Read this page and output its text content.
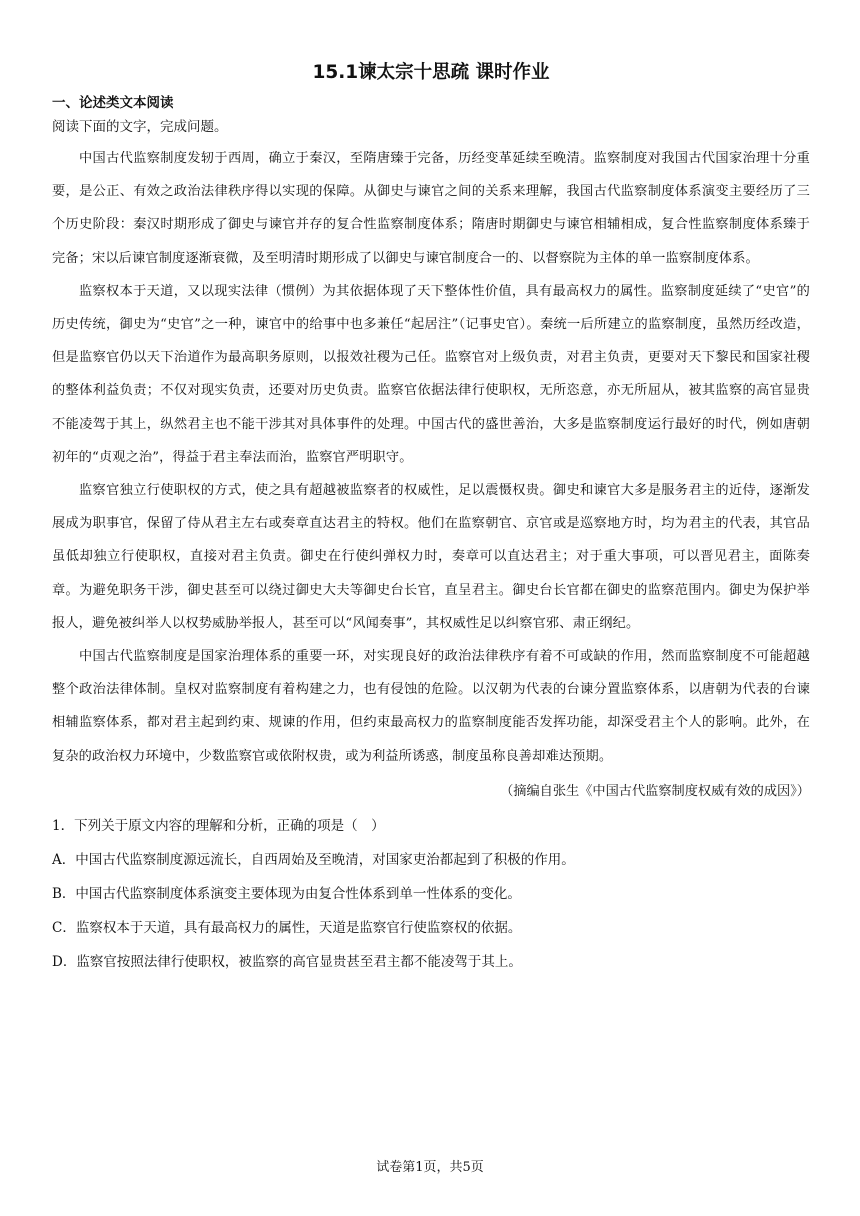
15.1谏太宗十思疏 课时作业

一、论述类文本阅读

阅读下面的文字，完成问题。

中国古代监察制度发轫于西周，确立于秦汉，至隋唐臻于完备，历经变革延续至晚清。监察制度对我国古代国家治理十分重要，是公正、有效之政治法律秩序得以实现的保障。从御史与谏官之间的关系来理解，我国古代监察制度体系演变主要经历了三个历史阶段：秦汉时期形成了御史与谏官并存的复合性监察制度体系；隋唐时期御史与谏官相辅相成，复合性监察制度体系臻于完备；宋以后谏官制度逐渐衰微，及至明清时期形成了以御史与谏官制度合一的、以督察院为主体的单一监察制度体系。

监察权本于天道，又以现实法律（惯例）为其依据体现了天下整体性价值，具有最高权力的属性。监察制度延续了“史官”的历史传统，御史为“史官”之一种，谏官中的给事中也多兼任“起居注”（记事史官）。秦统一后所建立的监察制度，虽然历经改造，但是监察官仍以天下治道作为最高职务原则，以报效社稷为己任。监察官对上级负责，对君主负责，更要对天下黎民和国家社稷的整体利益负责；不仅对现实负责，还要对历史负责。监察官依据法律行使职权，无所恣意，亦无所屈从，被其监察的高官显贵不能凌驾于其上，纵然君主也不能干涉其对具体事件的处理。中国古代的盛世善治，大多是监察制度运行最好的时代，例如唐朝初年的“贞观之治”，得益于君主奉法而治，监察官严明职守。

监察官独立行使职权的方式，使之具有超越被监察者的权威性，足以震慑权贵。御史和谏官大多是服务君主的近侍，逐渐发展成为职事官，保留了侍从君主左右或奏章直达君主的特权。他们在监察朝官、京官或是巡察地方时，均为君主的代表，其官品虽低却独立行使职权，直接对君主负责。御史在行使纠弹权力时，奏章可以直达君主；对于重大事项，可以晋见君主，面陈奏章。为避免职务干涉，御史甚至可以绕过御史大夫等御史台长官，直呈君主。御史台长官都在御史的监察范围内。御史为保护举报人，避免被纠举人以权势威胁举报人，甚至可以“风闻奏事”，其权威性足以纠察官邪、肃正纲纪。

中国古代监察制度是国家治理体系的重要一环，对实现良好的政治法律秩序有着不可或缺的作用，然而监察制度不可能超越整个政治法律体制。皇权对监察制度有着构建之力，也有侵蚀的危险。以汉朝为代表的台谏分置监察体系，以唐朝为代表的台谏相辅监察体系，都对君主起到约束、规谏的作用，但约束最高权力的监察制度能否发挥功能，却深受君主个人的影响。此外，在复杂的政治权力环境中，少数监察官或依附权贵，或为利益所诱惑，制度虽称良善却难达预期。

（摘编自张生《中国古代监察制度权威有效的成因》）

1．下列关于原文内容的理解和分析，正确的项是（　）

A．中国古代监察制度源远流长，自西周始及至晚清，对国家吏治都起到了积极的作用。

B．中国古代监察制度体系演变主要体现为由复合性体系到单一性体系的变化。

C．监察权本于天道，具有最高权力的属性，天道是监察官行使监察权的依据。

D．监察官按照法律行使职权，被监察的高官显贵甚至君主都不能凌驾于其上。

试卷第1页，共5页
